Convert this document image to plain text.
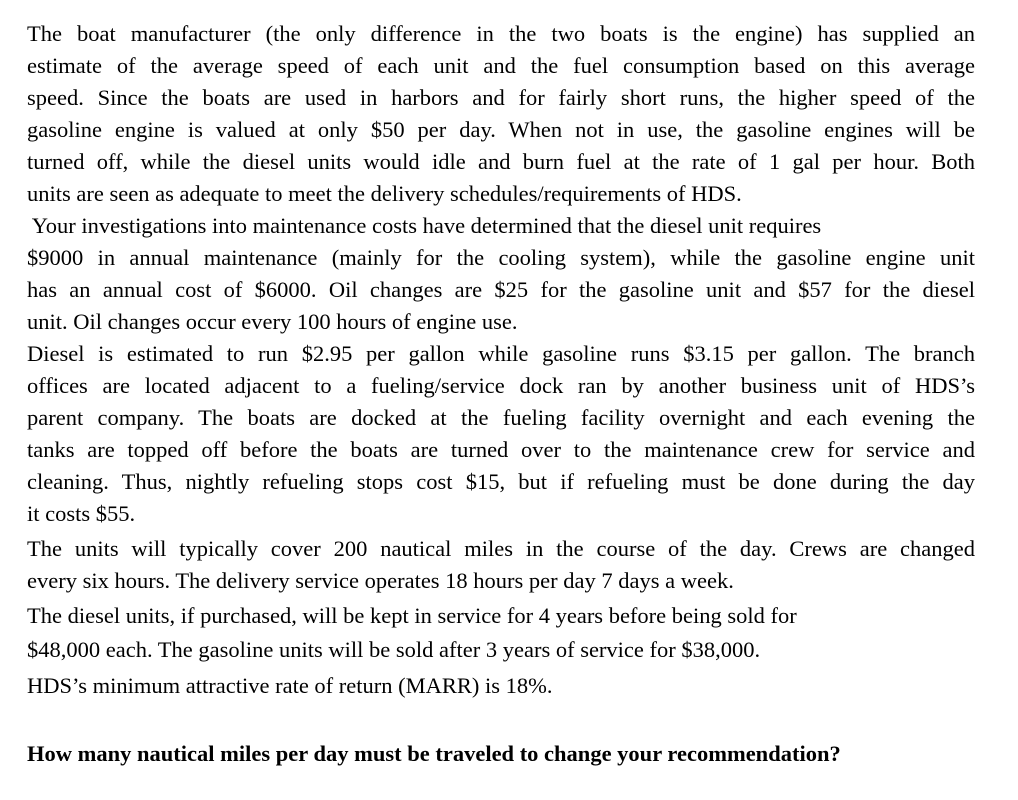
The boat manufacturer (the only difference in the two boats is the engine) has supplied an
estimate of the average speed of each unit and the fuel consumption based on this average
speed. Since the boats are used in harbors and for fairly short runs, the higher speed of the
gasoline engine is valued at only $50 per day. When not in use, the gasoline engines will be
turned off, while the diesel units would idle and burn fuel at the rate of 1 gal per hour. Both
units are seen as adequate to meet the delivery schedules/requirements of HDS.
Your investigations into maintenance costs have determined that the diesel unit requires
$9000 in annual maintenance (mainly for the cooling system), while the gasoline engine unit
has an annual cost of $6000. Oil changes are $25 for the gasoline unit and $57 for the diesel
unit. Oil changes occur every 100 hours of engine use.
Diesel is estimated to run $2.95 per gallon while gasoline runs $3.15 per gallon. The branch
offices are located adjacent to a fueling/service dock ran by another business unit of HDS’s
parent company. The boats are docked at the fueling facility overnight and each evening the
tanks are topped off before the boats are turned over to the maintenance crew for service and
cleaning. Thus, nightly refueling stops cost $15, but if refueling must be done during the day
it costs $55.
The units will typically cover 200 nautical miles in the course of the day. Crews are changed
every six hours. The delivery service operates 18 hours per day 7 days a week.
The diesel units, if purchased, will be kept in service for 4 years before being sold for
$48,000 each. The gasoline units will be sold after 3 years of service for $38,000.
HDS’s minimum attractive rate of return (MARR) is 18%.
How many nautical miles per day must be traveled to change your recommendation?
